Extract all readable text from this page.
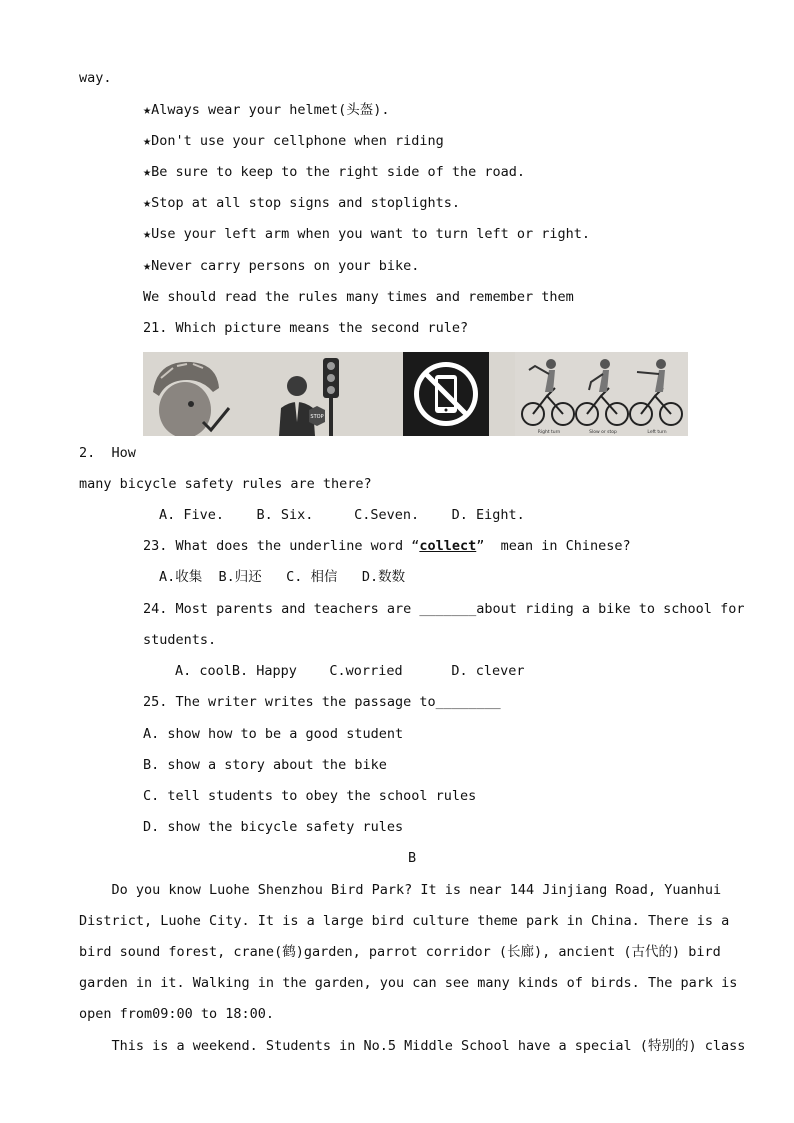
way.
★Always wear your helmet(头盔).
★Don't use your cellphone when riding
★Be sure to keep to the right side of the road.
★Stop at all stop signs and stoplights.
★Use your left arm when you want to turn left or right.
★Never carry persons on your bike.
We should read the rules many times and remember them
21. Which picture means the second rule?
STOP
Right turn	Slow or stop	Left turn
2.  How
many bicycle safety rules are there?
A. Five.    B. Six.     C.Seven.    D. Eight.
23. What does the underline word “collect”  mean in Chinese?
A.收集  B.归还   C. 相信   D.数数
24. Most parents and teachers are _______about riding a bike to school for
students.
A. coolB. Happy    C.worried      D. clever
25. The writer writes the passage to________
A. show how to be a good student
B. show a story about the bike
C. tell students to obey the school rules
D. show the bicycle safety rules
B
Do you know Luohe Shenzhou Bird Park? It is near 144 Jinjiang Road, Yuanhui
District, Luohe City. It is a large bird culture theme park in China. There is a
bird sound forest, crane(鹤)garden, parrot corridor (长廊), ancient (古代的) bird
garden in it. Walking in the garden, you can see many kinds of birds. The park is
open from09:00 to 18:00.
This is a weekend. Students in No.5 Middle School have a special (特别的) class
